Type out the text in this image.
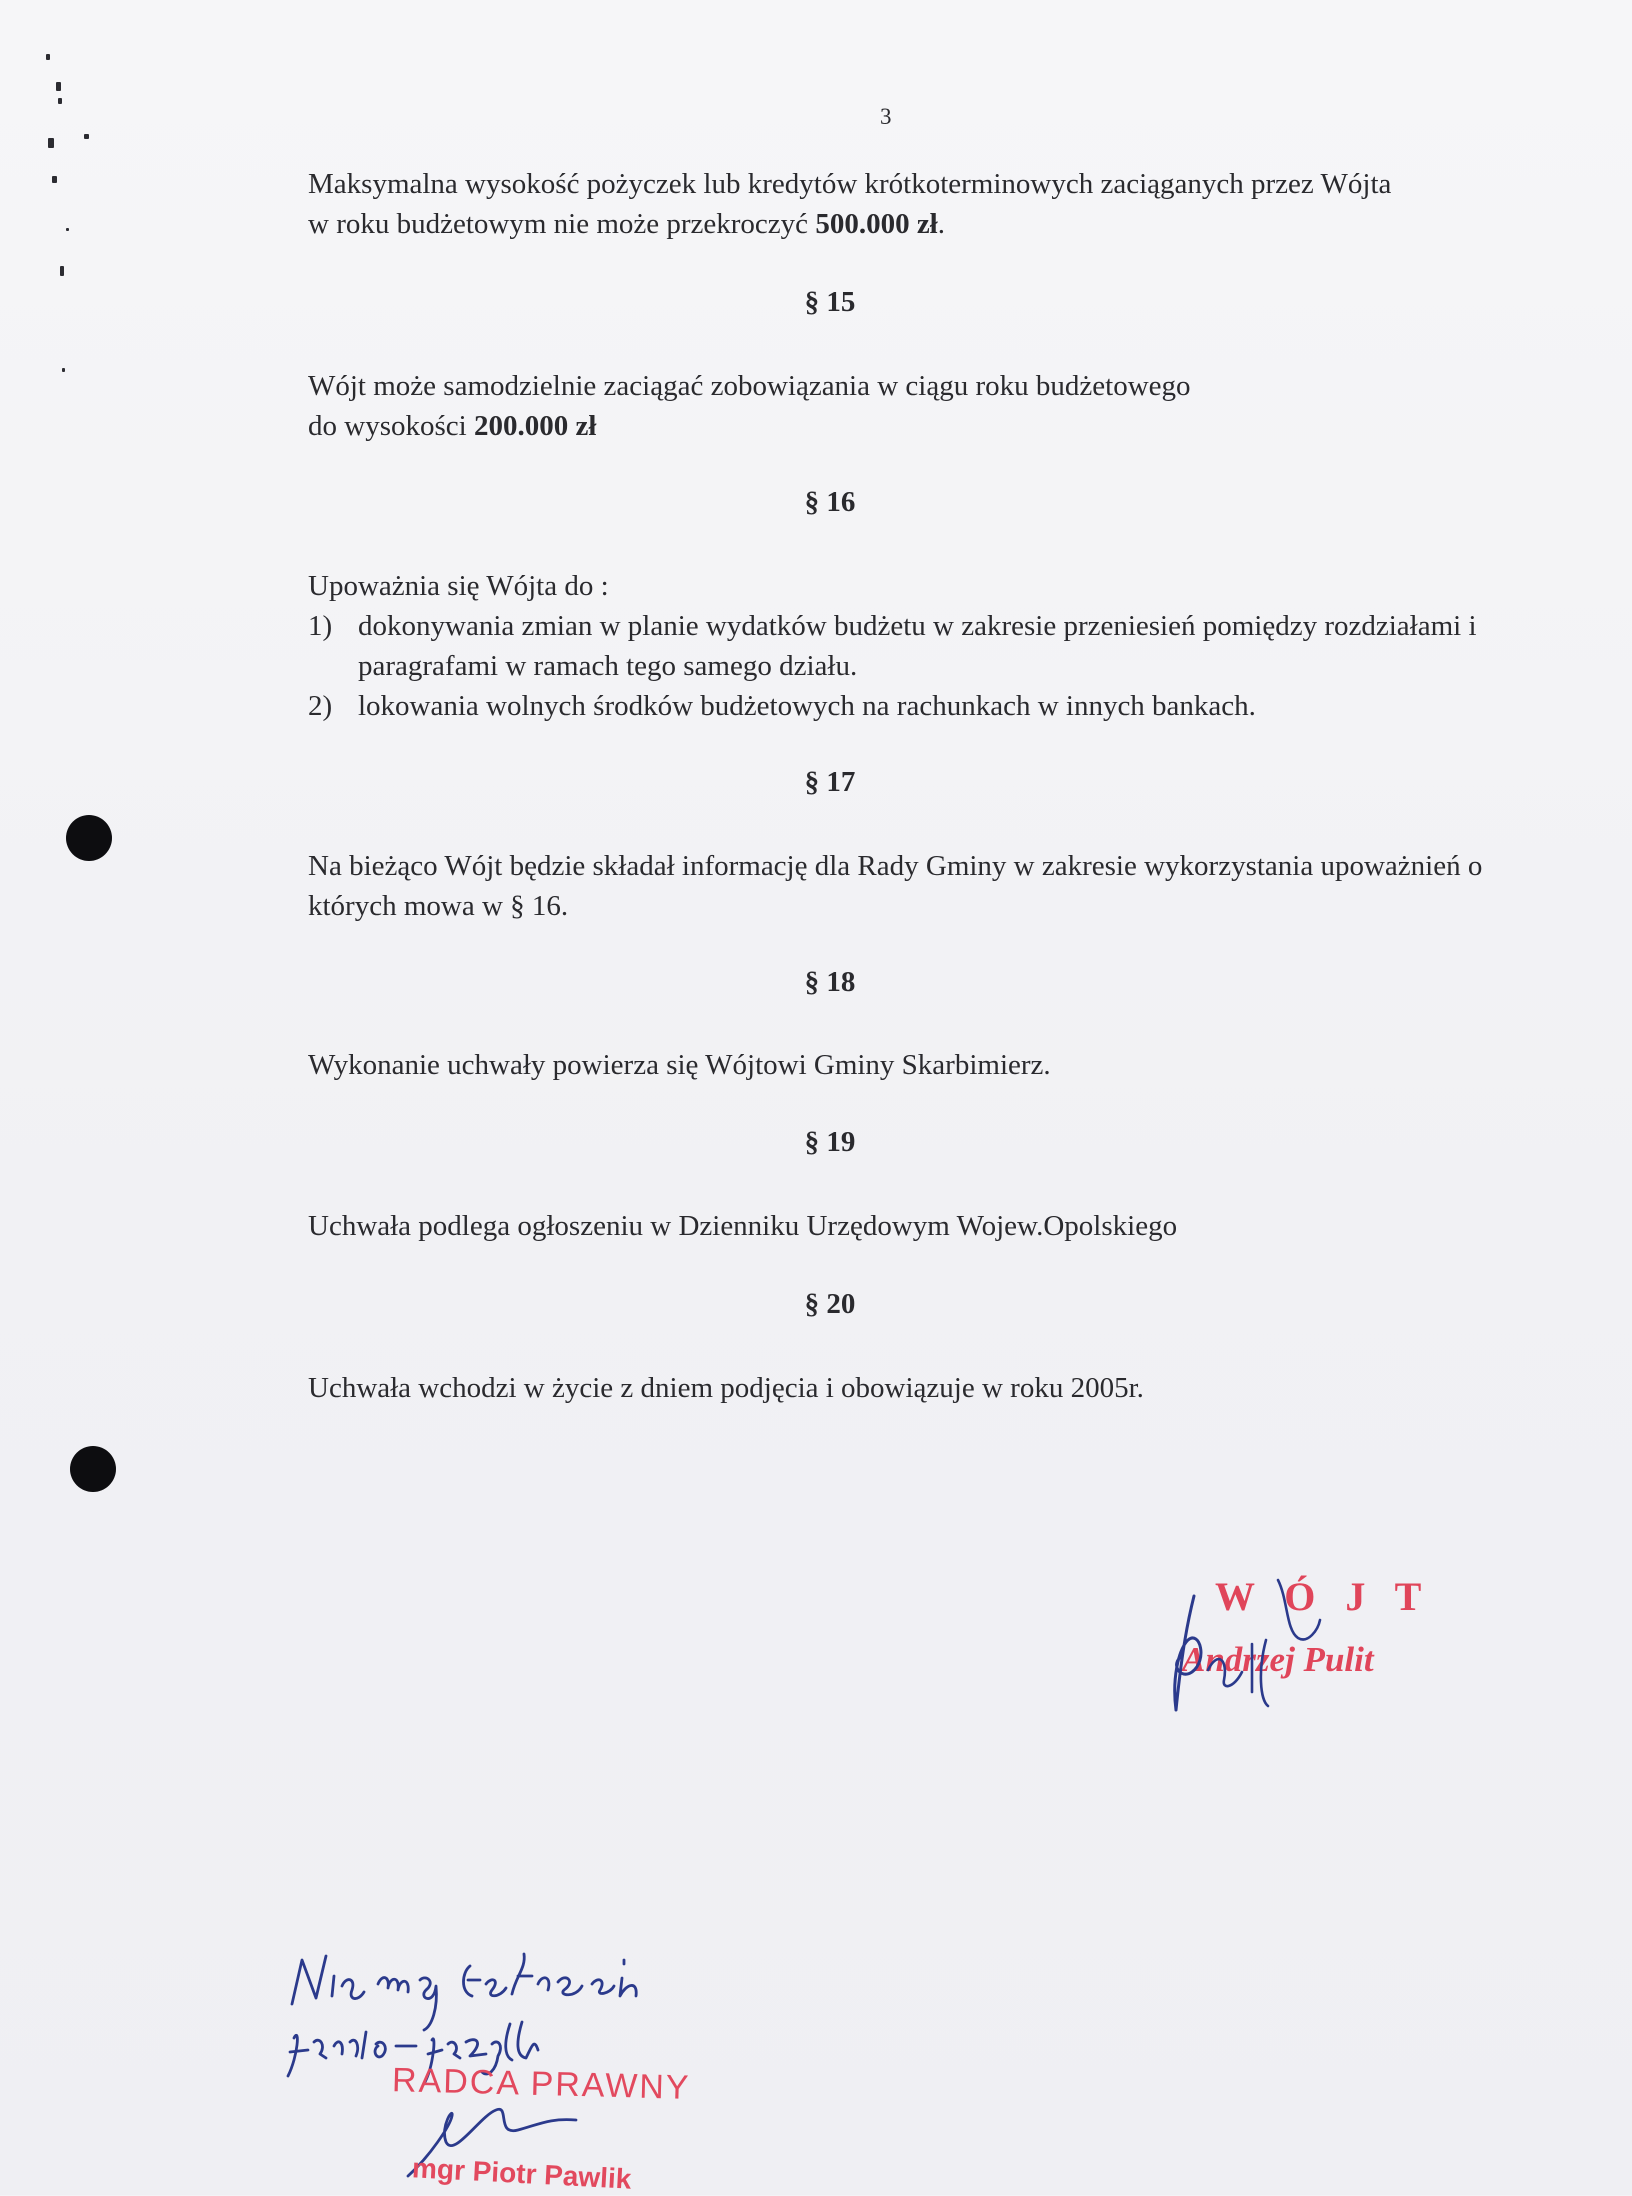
3

Maksymalna wysokość pożyczek lub kredytów krótkoterminowych zaciąganych przez Wójta

w roku budżetowym nie może przekroczyć 500.000 zł.

§ 15

Wójt może samodzielnie zaciągać zobowiązania w ciągu roku budżetowego

do wysokości 200.000 zł

§ 16

Upoważnia się Wójta do :

1) dokonywania zmian w planie wydatków budżetu w zakresie przeniesień pomiędzy rozdziałami i paragrafami w ramach tego samego działu.
2) lokowania wolnych środków budżetowych na rachunkach w innych bankach.
§ 17

Na bieżąco Wójt będzie składał informację dla Rady Gminy w zakresie wykorzystania upoważnień o których mowa w § 16.

§ 18

Wykonanie uchwały powierza się Wójtowi Gminy Skarbimierz.

§ 19

Uchwała podlega ogłoszeniu w Dzienniku Urzędowym Wojew.Opolskiego

§ 20

Uchwała wchodzi w życie z dniem podjęcia i obowiązuje w roku 2005r.

W Ó J T
Andrzej Pulit
RADCA PRAWNY
mgr Piotr Pawlik
